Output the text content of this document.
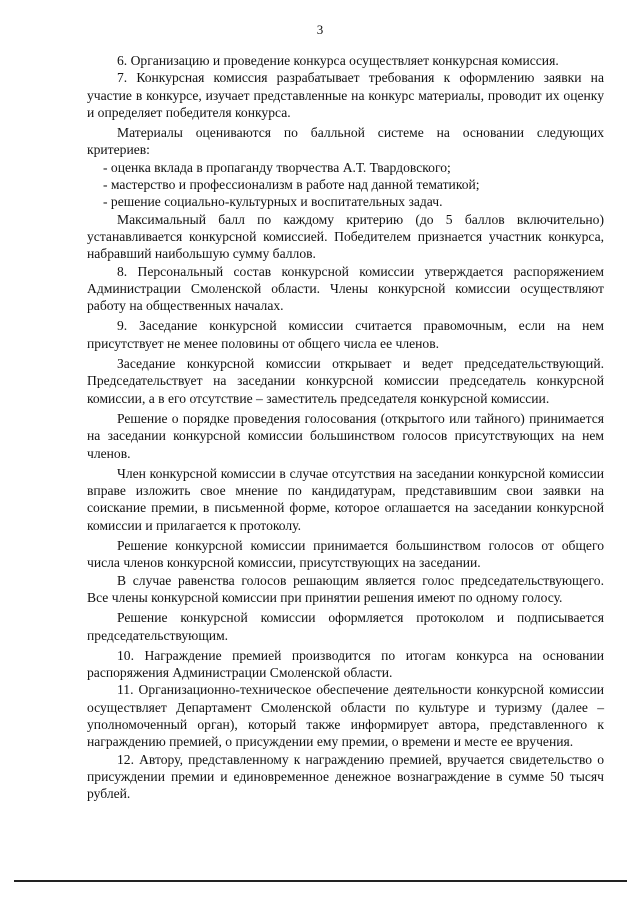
3

6. Организацию и проведение конкурса осуществляет конкурсная комиссия.

7. Конкурсная комиссия разрабатывает требования к оформлению заявки на участие в конкурсе, изучает представленные на конкурс материалы, проводит их оценку и определяет победителя конкурса.

Материалы оцениваются по балльной системе на основании следующих критериев:

- оценка вклада в пропаганду творчества А.Т. Твардовского;

- мастерство и профессионализм в работе над данной тематикой;

- решение социально-культурных и воспитательных задач.

Максимальный балл по каждому критерию (до 5 баллов включительно) устанавливается конкурсной комиссией. Победителем признается участник конкурса, набравший наибольшую сумму баллов.

8. Персональный состав конкурсной комиссии утверждается распоряжением Администрации Смоленской области. Члены конкурсной комиссии осуществляют работу на общественных началах.

9. Заседание конкурсной комиссии считается правомочным, если на нем присутствует не менее половины от общего числа ее членов.

Заседание конкурсной комиссии открывает и ведет председательствующий. Председательствует на заседании конкурсной комиссии председатель конкурсной комиссии, а в его отсутствие – заместитель председателя конкурсной комиссии.

Решение о порядке проведения голосования (открытого или тайного) принимается на заседании конкурсной комиссии большинством голосов присутствующих на нем членов.

Член конкурсной комиссии в случае отсутствия на заседании конкурсной комиссии вправе изложить свое мнение по кандидатурам, представившим свои заявки на соискание премии, в письменной форме, которое оглашается на заседании конкурсной комиссии и прилагается к протоколу.

Решение конкурсной комиссии принимается большинством голосов от общего числа членов конкурсной комиссии, присутствующих на заседании.

В случае равенства голосов решающим является голос председательствующего. Все члены конкурсной комиссии при принятии решения имеют по одному голосу.

Решение конкурсной комиссии оформляется протоколом и подписывается председательствующим.

10. Награждение премией производится по итогам конкурса на основании распоряжения Администрации Смоленской области.

11. Организационно-техническое обеспечение деятельности конкурсной комиссии осуществляет Департамент Смоленской области по культуре и туризму (далее – уполномоченный орган), который также информирует автора, представленного к награждению премией, о присуждении ему премии, о времени и месте ее вручения.

12. Автору, представленному к награждению премией, вручается свидетельство о присуждении премии и единовременное денежное вознаграждение в сумме 50 тысяч рублей.
